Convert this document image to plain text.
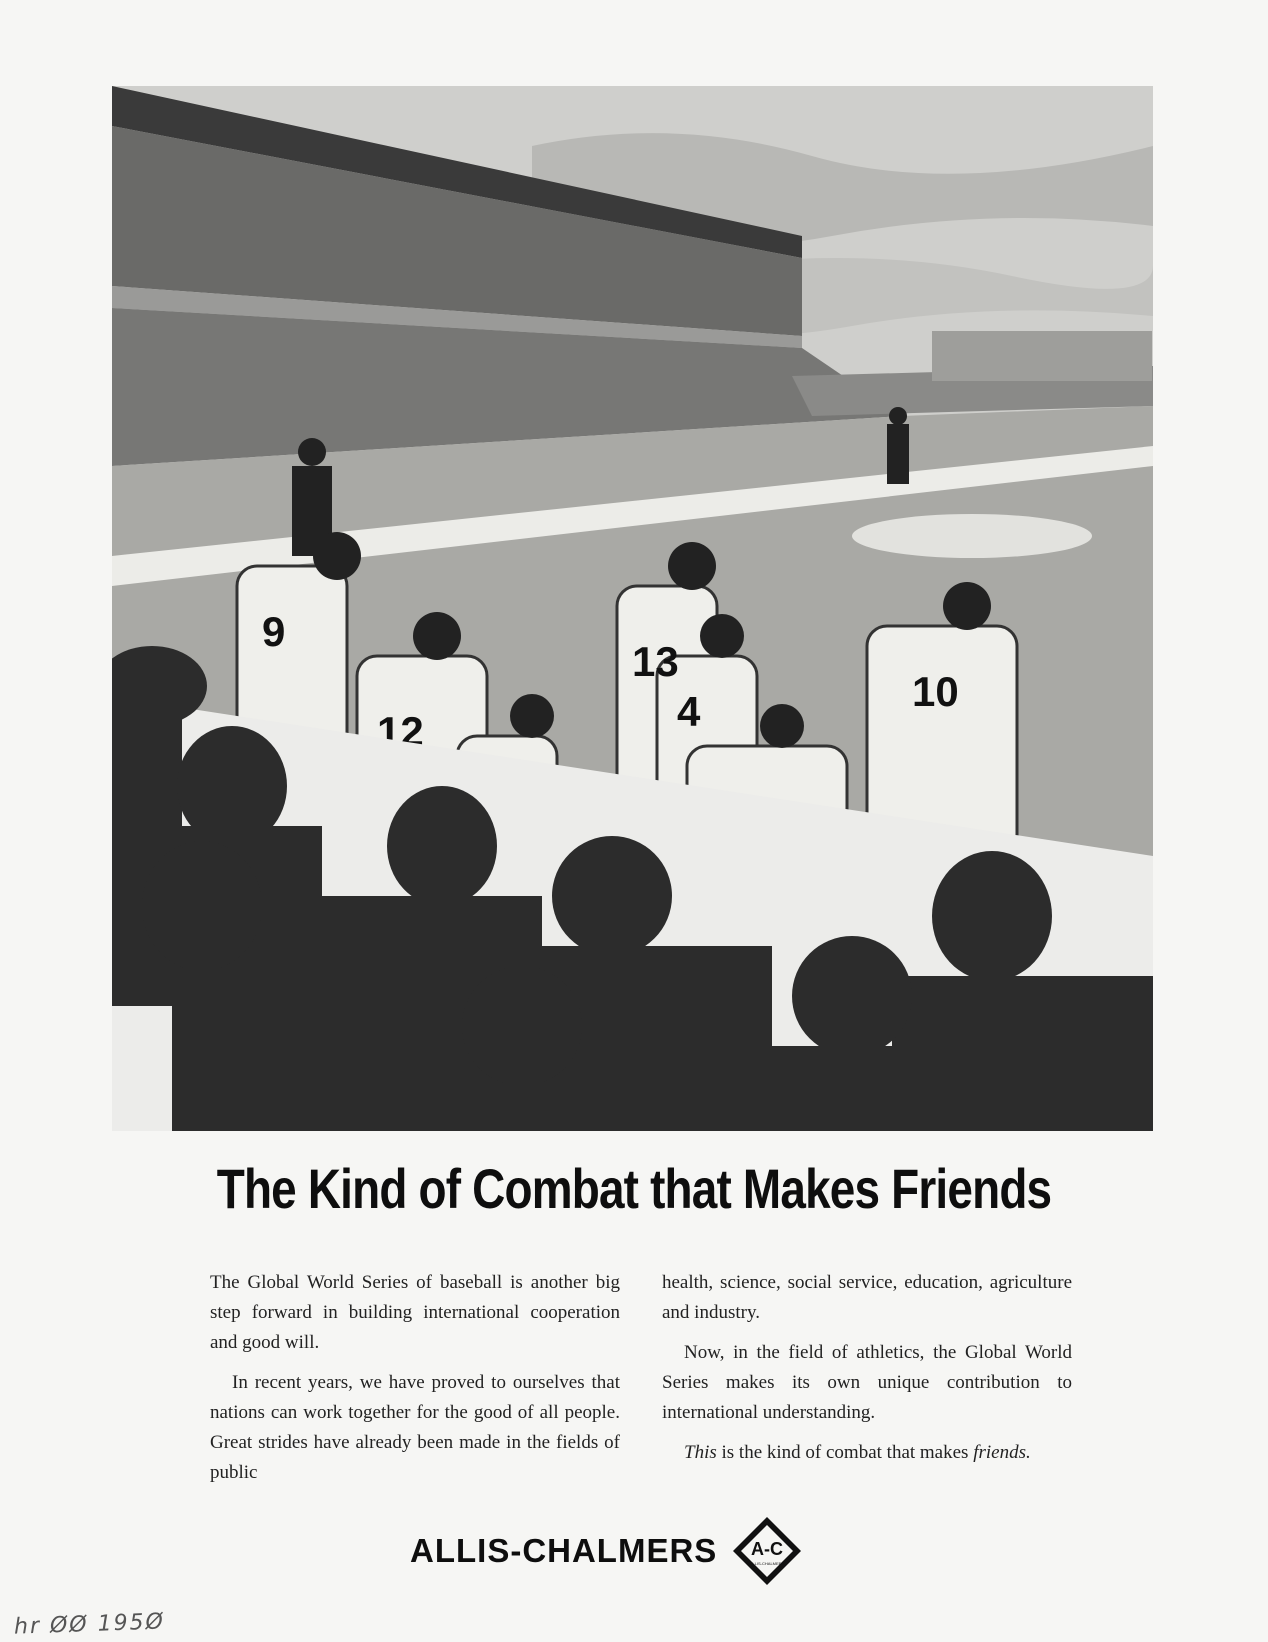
9
12
13
4	10
The Kind of Combat that Makes Friends

The Global World Series of baseball is another big step forward in building international cooperation and good will.

In recent years, we have proved to ourselves that nations can work together for the good of all people. Great strides have already been made in the fields of public

health, science, social service, education, agriculture and industry.

Now, in the field of athletics, the Global World Series makes its own unique contribution to international understanding.

This is the kind of combat that makes friends.

ALLIS-CHALMERS A-C
ALLIS-CHALMERS
hr ØØ 195Ø
